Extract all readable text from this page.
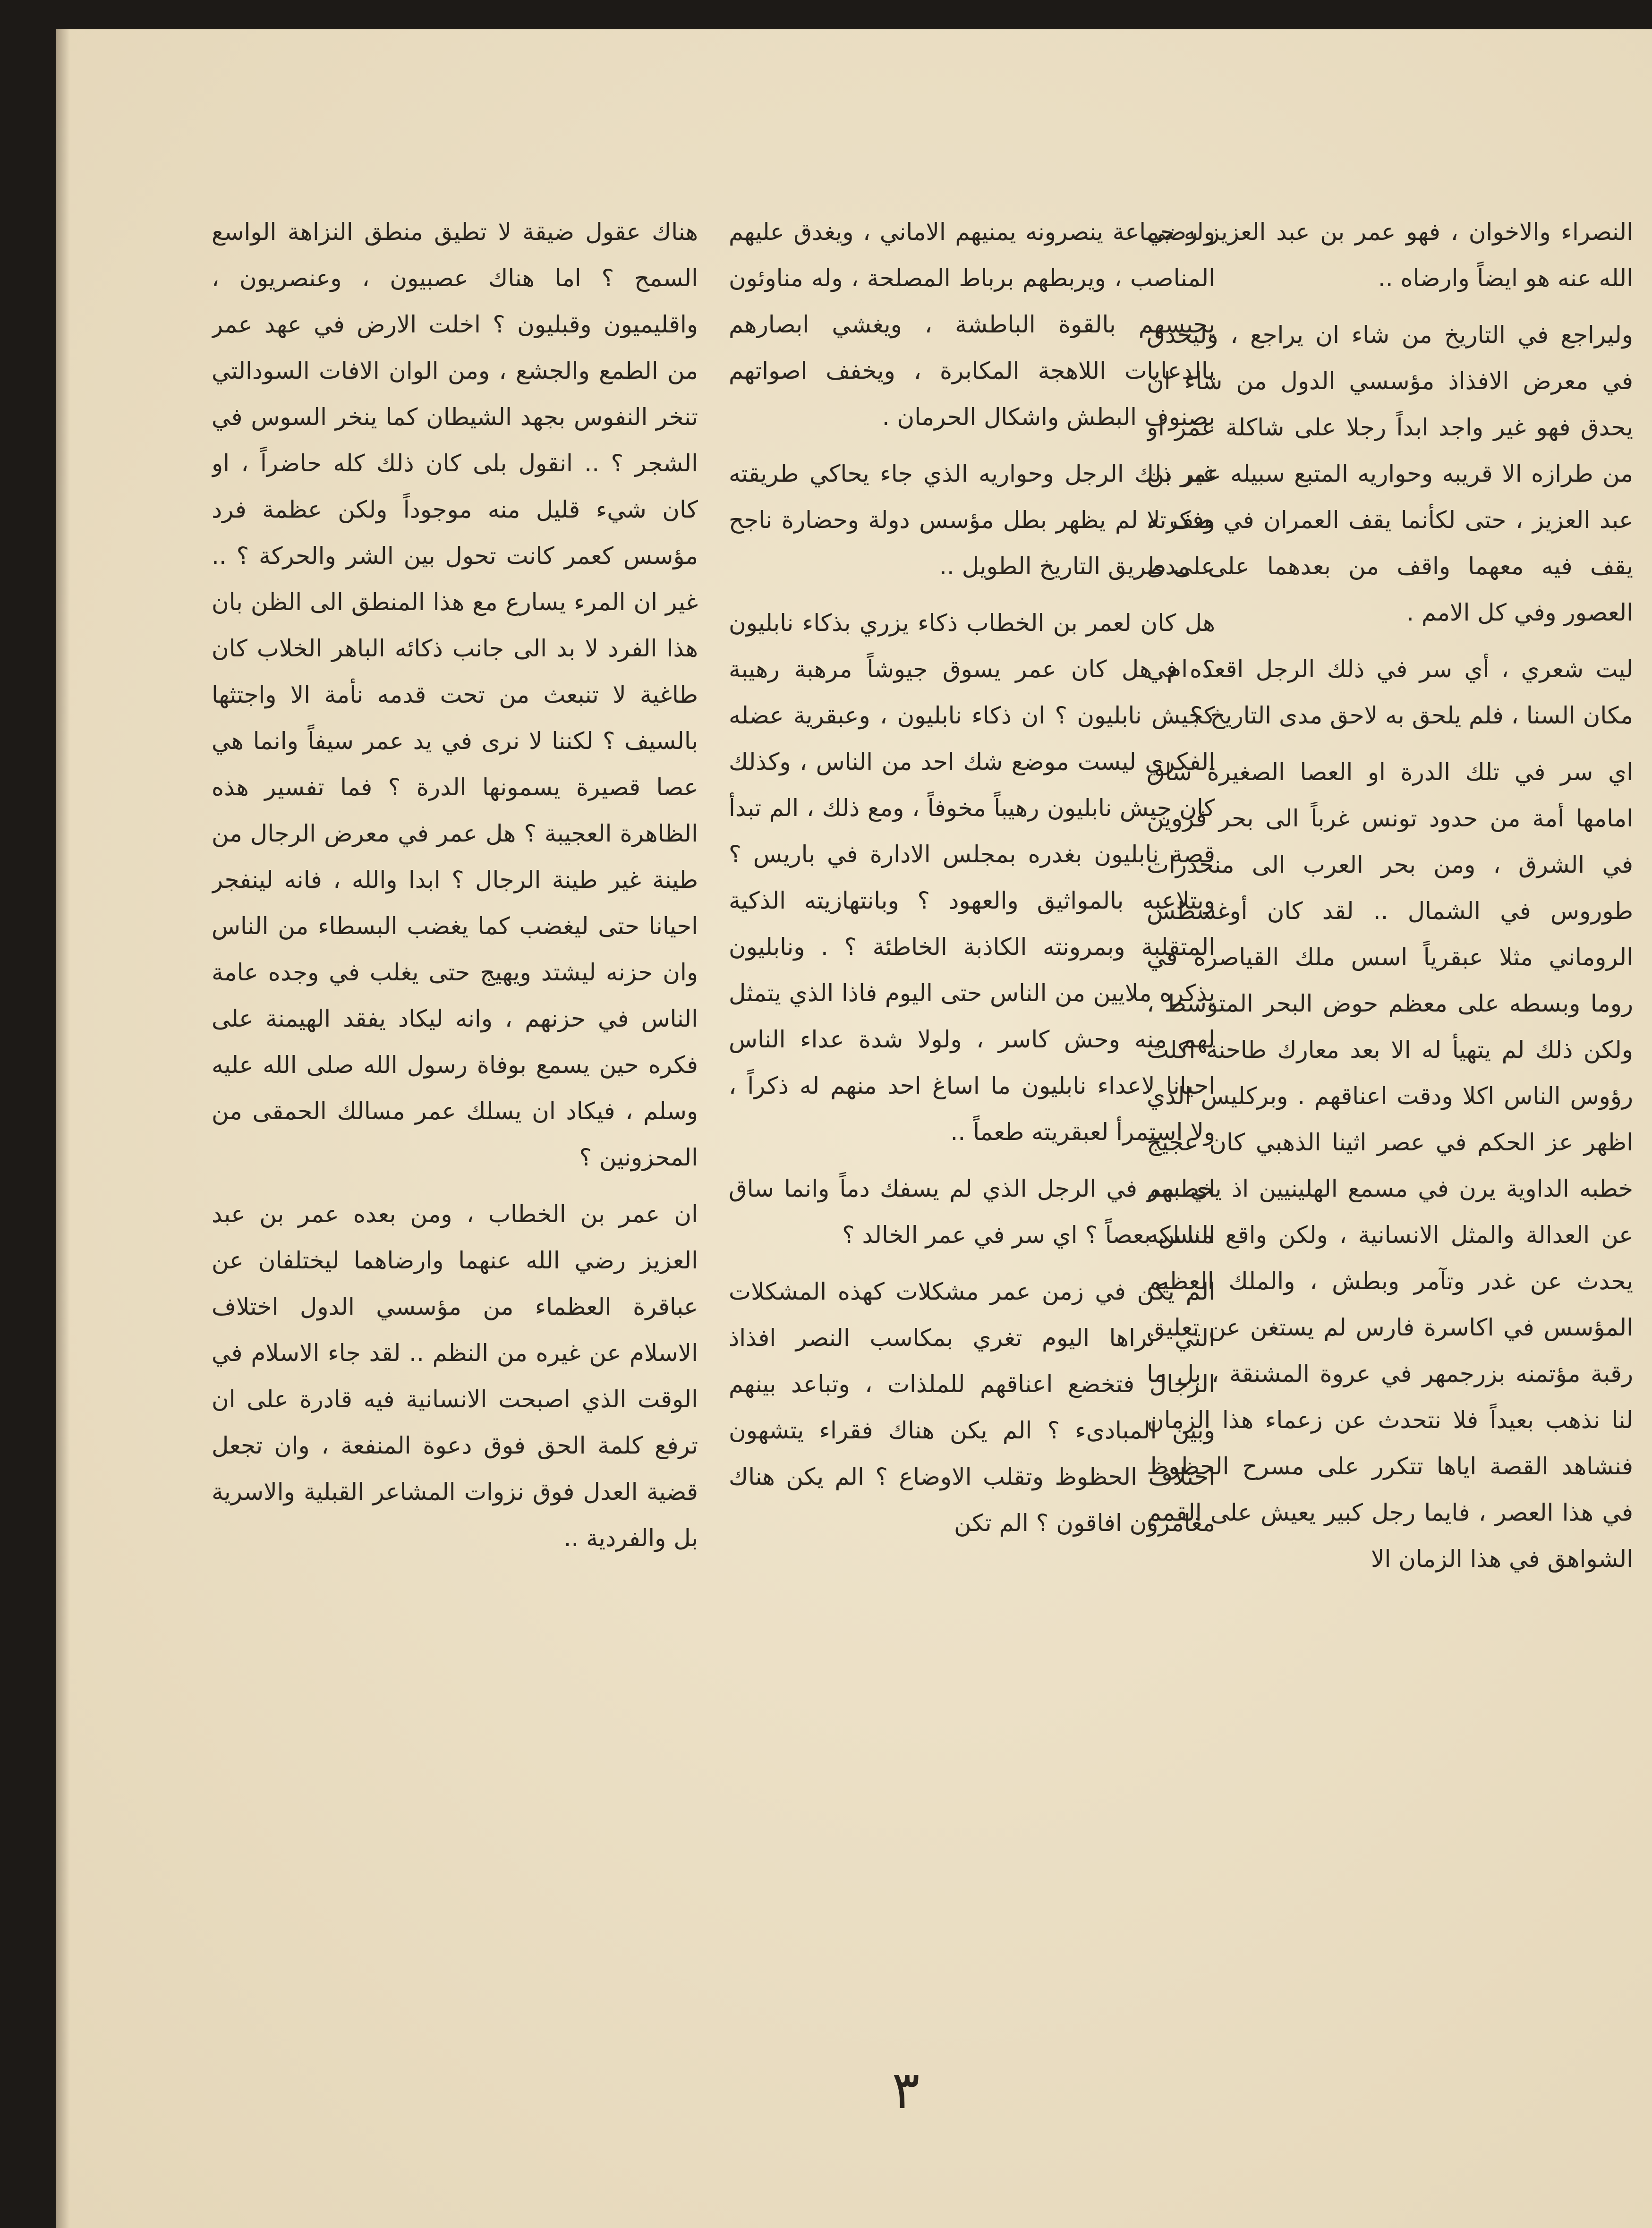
النصراء والاخوان ، فهو عمر بن عبد العزيز رضي الله عنه هو ايضاً وارضاه ..

وليراجع في التاريخ من شاء ان يراجع ، وليحدق في معرض الافذاذ مؤسسي الدول من شاء ان يحدق فهو غير واجد ابداً رجلا على شاكلة عمر او من طرازه الا قريبه وحواريه المتبع سبيله عمر بن عبد العزيز ، حتى لكأنما يقف العمران في صف لا يقف فيه معهما واقف من بعدهما على مدى العصور وفي كل الامم .

ليت شعري ، أي سر في ذلك الرجل اقعده في مكان السنا ، فلم يلحق به لاحق مدى التاريخ ؟

اي سر في تلك الدرة او العصا الصغيرة ساق امامها أمة من حدود تونس غرباً الى بحر قزوين في الشرق ، ومن بحر العرب الى منحدرات طوروس في الشمال .. لقد كان أوغسطس الروماني مثلا عبقرياً اسس ملك القياصرة في روما وبسطه على معظم حوض البحر المتوسط ، ولكن ذلك لم يتهيأ له الا بعد معارك طاحنة اكلت رؤوس الناس اكلا ودقت اعناقهم . وبركليس الذي اظهر عز الحكم في عصر اثينا الذهبي كان عجيج خطبه الداوية يرن في مسمع الهلينيين اذ يخطبهم عن العدالة والمثل الانسانية ، ولكن واقع مسلكه يحدث عن غدر وتآمر وبطش ، والملك العظيم المؤسس في اكاسرة فارس لم يستغن عن تعليق رقبة مؤتمنه بزرجمهر في عروة المشنقة ، بل ما لنا نذهب بعيداً فلا نتحدث عن زعماء هذا الزمان فنشاهد القصة اياها تتكرر على مسرح الحظوظ في هذا العصر ، فايما رجل كبير يعيش على القمم الشواهق في هذا الزمان الا

وله جماعة ينصرونه يمنيهم الاماني ، ويغدق عليهم المناصب ، ويربطهم برباط المصلحة ، وله مناوئون يحبسهم بالقوة الباطشة ، ويغشي ابصارهم بالدعايات اللاهجة المكابرة ، ويخفف اصواتهم بصنوف البطش واشكال الحرمان .

غير ذلك الرجل وحواريه الذي جاء يحاكي طريقته وفكرته لم يظهر بطل مؤسس دولة وحضارة ناجح على طريق التاريخ الطويل ..

هل كان لعمر بن الخطاب ذكاء يزري بذكاء نابليون ؟ ام هل كان عمر يسوق جيوشاً مرهبة رهيبة كجيش نابليون ؟ ان ذكاء نابليون ، وعبقرية عضله الفكري ليست موضع شك احد من الناس ، وكذلك كان جيش نابليون رهيباً مخوفاً ، ومع ذلك ، الم تبدأ قصة نابليون بغدره بمجلس الادارة في باريس ؟ وبتلاعبه بالمواثيق والعهود ؟ وبانتهازيته الذكية المتقلبة وبمرونته الكاذبة الخاطئة ؟ . ونابليون يذكره ملايين من الناس حتى اليوم فاذا الذي يتمثل لهم منه وحش كاسر ، ولولا شدة عداء الناس احيانا لاعداء نابليون ما اساغ احد منهم له ذكراً ، ولا استمرأ لعبقريته طعماً ..

اي سر في الرجل الذي لم يسفك دماً وانما ساق الناس بعصاً ؟ اي سر في عمر الخالد ؟

الم يكن في زمن عمر مشكلات كهذه المشكلات التي نراها اليوم تغري بمكاسب النصر افذاذ الرجال فتخضع اعناقهم للملذات ، وتباعد بينهم وبين المبادىء ؟ الم يكن هناك فقراء يتشهون اختلاف الحظوظ وتقلب الاوضاع ؟ الم يكن هناك مغامرون افاقون ؟ الم تكن

هناك عقول ضيقة لا تطيق منطق النزاهة الواسع السمح ؟ اما هناك عصبيون ، وعنصريون ، واقليميون وقبليون ؟ اخلت الارض في عهد عمر من الطمع والجشع ، ومن الوان الافات السودالتي تنخر النفوس بجهد الشيطان كما ينخر السوس في الشجر ؟ .. انقول بلى كان ذلك كله حاضراً ، او كان شيء قليل منه موجوداً ولكن عظمة فرد مؤسس كعمر كانت تحول بين الشر والحركة ؟ .. غير ان المرء يسارع مع هذا المنطق الى الظن بان هذا الفرد لا بد الى جانب ذكائه الباهر الخلاب كان طاغية لا تنبعث من تحت قدمه نأمة الا واجتثها بالسيف ؟ لكننا لا نرى في يد عمر سيفاً وانما هي عصا قصيرة يسمونها الدرة ؟ فما تفسير هذه الظاهرة العجيبة ؟ هل عمر في معرض الرجال من طينة غير طينة الرجال ؟ ابدا والله ، فانه لينفجر احيانا حتى ليغضب كما يغضب البسطاء من الناس وان حزنه ليشتد ويهيج حتى يغلب في وجده عامة الناس في حزنهم ، وانه ليكاد يفقد الهيمنة على فكره حين يسمع بوفاة رسول الله صلى الله عليه وسلم ، فيكاد ان يسلك عمر مسالك الحمقى من المحزونين ؟

ان عمر بن الخطاب ، ومن بعده عمر بن عبد العزيز رضي الله عنهما وارضاهما ليختلفان عن عباقرة العظماء من مؤسسي الدول اختلاف الاسلام عن غيره من النظم .. لقد جاء الاسلام في الوقت الذي اصبحت الانسانية فيه قادرة على ان ترفع كلمة الحق فوق دعوة المنفعة ، وان تجعل قضية العدل فوق نزوات المشاعر القبلية والاسرية بل والفردية ..

٣
